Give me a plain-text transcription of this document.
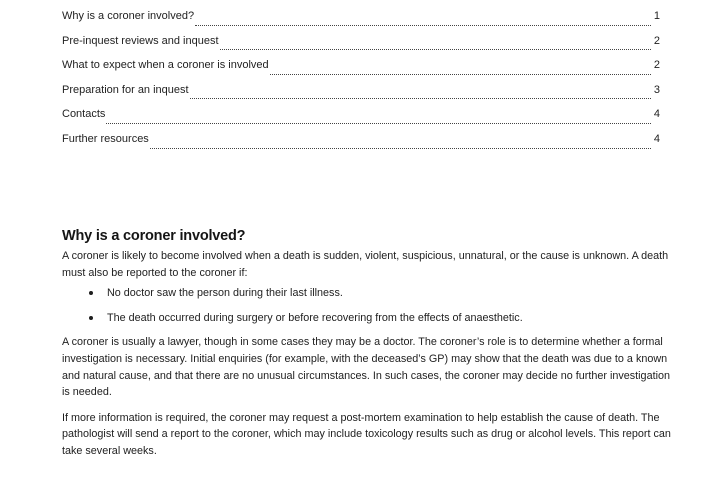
Why is a coroner involved?	1
Pre-inquest reviews and inquest	2
What to expect when a coroner is involved	2
Preparation for an inquest	3
Contacts	4
Further resources	4
Why is a coroner involved?

A coroner is likely to become involved when a death is sudden, violent, suspicious, unnatural, or the cause is unknown. A death must also be reported to the coroner if:

No doctor saw the person during their last illness.
The death occurred during surgery or before recovering from the effects of anaesthetic.

A coroner is usually a lawyer, though in some cases they may be a doctor. The coroner’s role is to determine whether a formal investigation is necessary. Initial enquiries (for example, with the deceased’s GP) may show that the death was due to a known and natural cause, and that there are no unusual circumstances. In such cases, the coroner may decide no further investigation is needed.

If more information is required, the coroner may request a post-mortem examination to help establish the cause of death. The pathologist will send a report to the coroner, which may include toxicology results such as drug or alcohol levels. This report can take several weeks.
